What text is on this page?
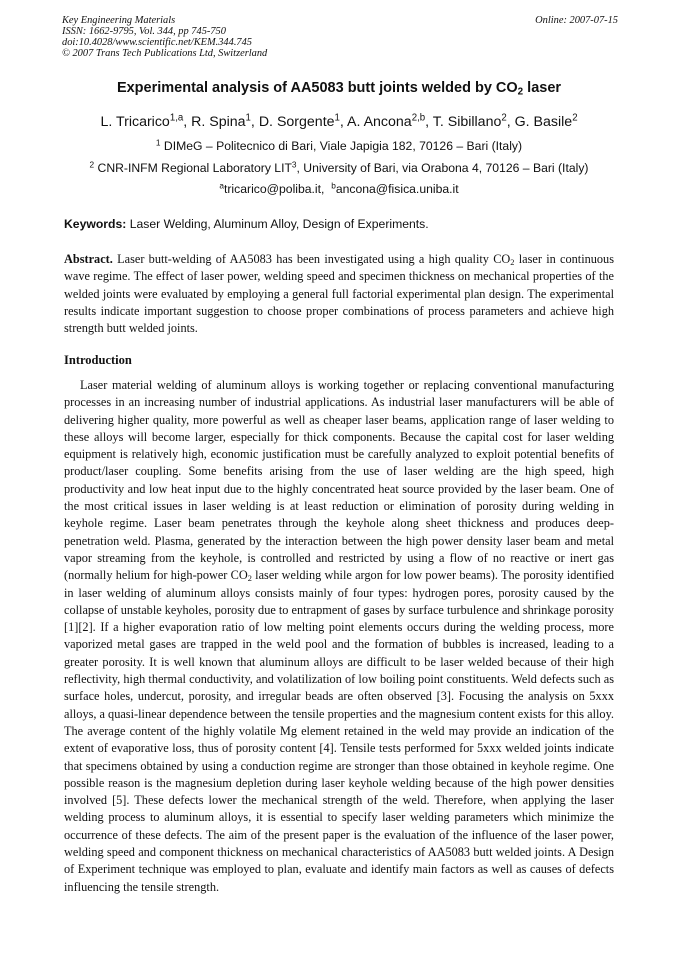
Key Engineering Materials
ISSN: 1662-9795, Vol. 344, pp 745-750
doi:10.4028/www.scientific.net/KEM.344.745
© 2007 Trans Tech Publications Ltd, Switzerland
Online: 2007-07-15
Experimental analysis of AA5083 butt joints welded by $CO_2$ laser
L. Tricarico$^{1,a}$, R. Spina$^1$, D. Sorgente$^1$, A. Ancona$^{2,b}$, T. Sibillano$^2$, G. Basile$^2$
$^1$ DIMeG – Politecnico di Bari, Viale Japigia 182, 70126 – Bari (Italy)
$^2$ CNR-INFM Regional Laboratory LIT$^3$, University of Bari, via Orabona 4, 70126 – Bari (Italy)
$^a$tricarico@poliba.it, $^b$ancona@fisica.uniba.it
Keywords: Laser Welding, Aluminum Alloy, Design of Experiments.

Abstract. Laser butt-welding of AA5083 has been investigated using a high quality $CO_2$ laser in continuous wave regime. The effect of laser power, welding speed and specimen thickness on mechanical properties of the welded joints were evaluated by employing a general full factorial experimental plan design. The experimental results indicate important suggestion to choose proper combinations of process parameters and achieve high strength butt welded joints.

Introduction

Laser material welding of aluminum alloys is working together or replacing conventional manufacturing processes in an increasing number of industrial applications. As industrial laser manufacturers will be able of delivering higher quality, more powerful as well as cheaper laser beams, application range of laser welding to these alloys will become larger, especially for thick components. Because the capital cost for laser welding equipment is relatively high, economic justification must be carefully analyzed to exploit potential benefits of product/laser coupling. Some benefits arising from the use of laser welding are the high speed, high productivity and low heat input due to the highly concentrated heat source provided by the laser beam. One of the most critical issues in laser welding is at least reduction or elimination of porosity during welding in keyhole regime. Laser beam penetrates through the keyhole along sheet thickness and produces deep-penetration weld. Plasma, generated by the interaction between the high power density laser beam and metal vapor streaming from the keyhole, is controlled and restricted by using a flow of no reactive or inert gas (normally helium for high-power $CO_2$ laser welding while argon for low power beams). The porosity identified in laser welding of aluminum alloys consists mainly of four types: hydrogen pores, porosity caused by the collapse of unstable keyholes, porosity due to entrapment of gases by surface turbulence and shrinkage porosity [1][2]. If a higher evaporation ratio of low melting point elements occurs during the welding process, more vaporized metal gases are trapped in the weld pool and the formation of bubbles is increased, leading to a greater porosity. It is well known that aluminum alloys are difficult to be laser welded because of their high reflectivity, high thermal conductivity, and volatilization of low boiling point constituents. Weld defects such as surface holes, undercut, porosity, and irregular beads are often observed [3]. Focusing the analysis on 5xxx alloys, a quasi-linear dependence between the tensile properties and the magnesium content exists for this alloy. The average content of the highly volatile Mg element retained in the weld may provide an indication of the extent of evaporative loss, thus of porosity content [4]. Tensile tests performed for 5xxx welded joints indicate that specimens obtained by using a conduction regime are stronger than those obtained in keyhole regime. One possible reason is the magnesium depletion during laser keyhole welding because of the high power densities involved [5]. These defects lower the mechanical strength of the weld. Therefore, when applying the laser welding process to aluminum alloys, it is essential to specify laser welding parameters which minimize the occurrence of these defects. The aim of the present paper is the evaluation of the influence of the laser power, welding speed and component thickness on mechanical characteristics of AA5083 butt welded joints. A Design of Experiment technique was employed to plan, evaluate and identify main factors as well as causes of defects influencing the tensile strength.
